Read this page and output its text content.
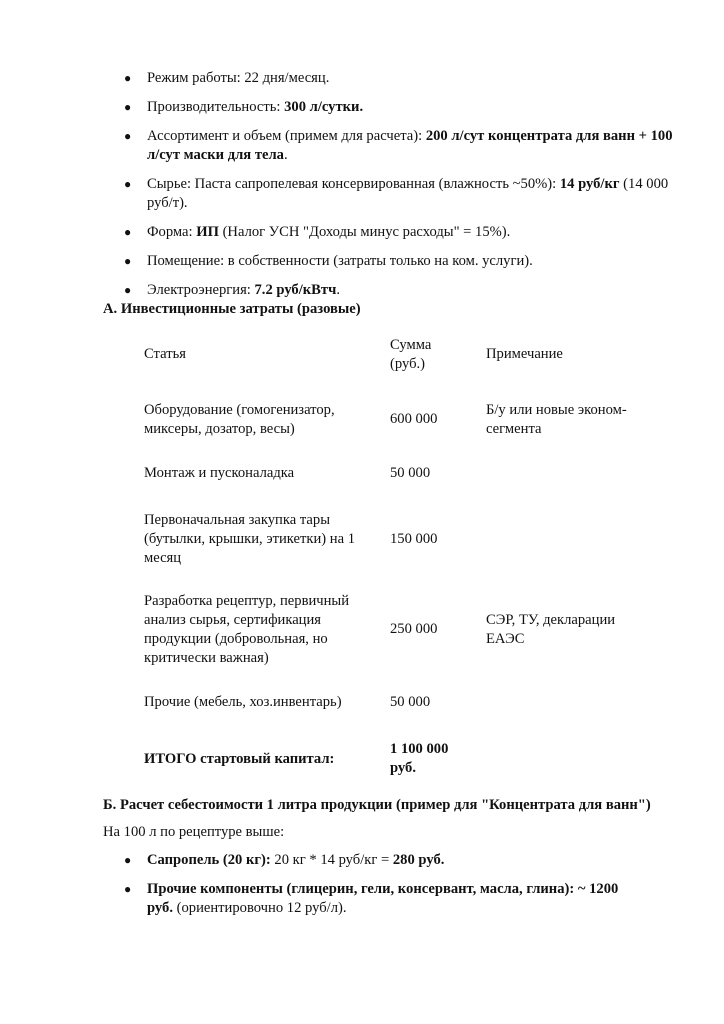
● Режим работы: 22 дня/месяц.
● Производительность: 300 л/сутки.
● Ассортимент и объем (примем для расчета): 200 л/сут концентрата для ванн + 100 л/сут маски для тела.
● Сырье: Паста сапропелевая консервированная (влажность ~50%): 14 руб/кг (14 000 руб/т).
● Форма: ИП (Налог УСН "Доходы минус расходы" = 15%).
● Помещение: в собственности (затраты только на ком. услуги).
● Электроэнергия: 7.2 руб/кВтч.
А. Инвестиционные затраты (разовые)
Статья
Сумма (руб.)
Примечание
Оборудование (гомогенизатор, миксеры, дозатор, весы)
600 000
Б/у или новые эконом-сегмента
Монтаж и пусконаладка	50 000
Первоначальная закупка тары (бутылки, крышки, этикетки) на 1 месяц
150 000
Разработка рецептур, первичный анализ сырья, сертификация продукции (добровольная, но критически важная)
250 000
СЭР, ТУ, декларации ЕАЭС
Прочие (мебель, хоз.инвентарь)	50 000
ИТОГО стартовый капитал:
1 100 000 руб.
Б. Расчет себестоимости 1 литра продукции (пример для "Концентрата для ванн")
На 100 л по рецептуре выше:
● Сапропель (20 кг): 20 кг * 14 руб/кг = 280 руб.
● Прочие компоненты (глицерин, гели, консервант, масла, глина): ~ 1200 руб. (ориентировочно 12 руб/л).
